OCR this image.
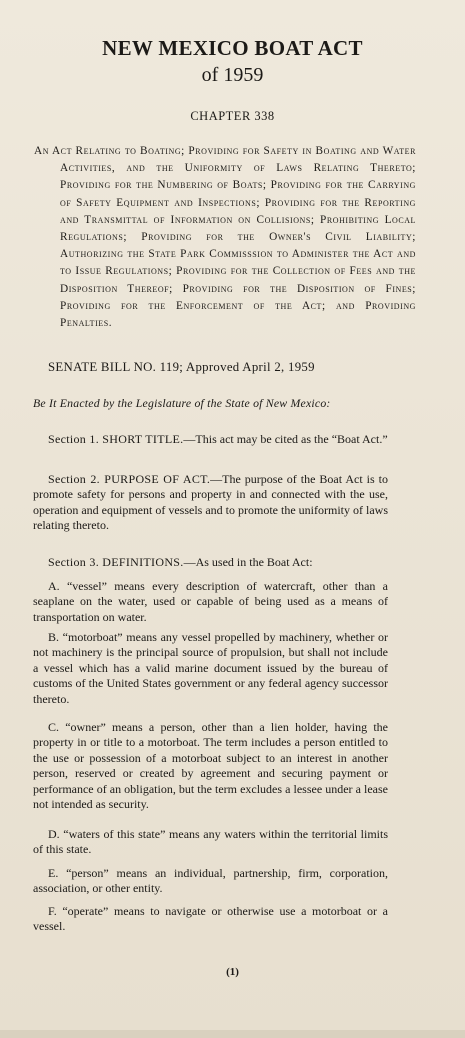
NEW MEXICO BOAT ACT
of 1959

CHAPTER 338

An Act Relating to Boating; Providing for Safety in Boating and Water Activities, and the Uniformity of Laws Relating Thereto; Providing for the Numbering of Boats; Providing for the Carrying of Safety Equipment and Inspections; Providing for the Reporting and Transmittal of Information on Collisions; Prohibiting Local Regulations; Providing for the Owner's Civil Liability; Authorizing the State Park Commisssion to Administer the Act and to Issue Regulations; Providing for the Collection of Fees and the Disposition Thereof; Providing for the Disposition of Fines; Providing for the Enforcement of the Act; and Providing Penalties.

SENATE BILL NO. 119; Approved April 2, 1959

Be It Enacted by the Legislature of the State of New Mexico:

Section 1. SHORT TITLE.—This act may be cited as the “Boat Act.”

Section 2. PURPOSE OF ACT.—The purpose of the Boat Act is to promote safety for persons and property in and connected with the use, operation and equipment of vessels and to promote the uniformity of laws relating thereto.

Section 3. DEFINITIONS.—As used in the Boat Act:

A. “vessel” means every description of watercraft, other than a seaplane on the water, used or capable of being used as a means of transportation on water.

B. “motorboat” means any vessel propelled by machinery, whether or not machinery is the principal source of propulsion, but shall not include a vessel which has a valid marine document issued by the bureau of customs of the United States government or any federal agency successor thereto.

C. “owner” means a person, other than a lien holder, having the property in or title to a motorboat. The term includes a person entitled to the use or possession of a motorboat subject to an interest in another person, reserved or created by agreement and securing payment or performance of an obligation, but the term excludes a lessee under a lease not intended as security.

D. “waters of this state” means any waters within the territorial limits of this state.

E. “person” means an individual, partnership, firm, corporation, association, or other entity.

F. “operate” means to navigate or otherwise use a motorboat or a vessel.

(1)
